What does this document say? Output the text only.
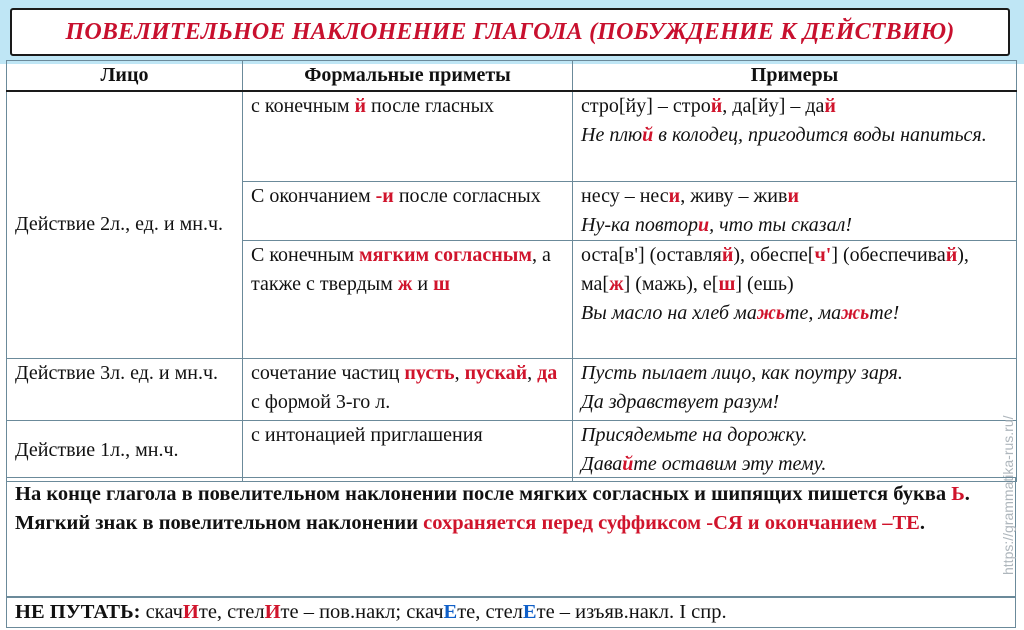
ПОВЕЛИТЕЛЬНОЕ НАКЛОНЕНИЕ ГЛАГОЛА (ПОБУЖДЕНИЕ К ДЕЙСТВИЮ)
Лицо	Формальные приметы	Примеры
Действие 2л., ед. и мн.ч.	с конечным й после гласных	стро[йу] – строй, да[йу] – дай
Не плюй в колодец, пригодится воды напиться.
	С окончанием -и после согласных	несу – неси, живу – живи
Ну-ка повтори, что ты сказал!
	С конечным мягким согласным, а также с твердым ж и ш	оста[в'] (оставляй), обеспе[ч'] (обеспечивай), ма[ж] (мажь), е[ш] (ешь)
Вы масло на хлеб мажьте, мажьте!
Действие 3л. ед. и мн.ч.	сочетание частиц пусть, пускай, да с формой 3-го л.	Пусть пылает лицо, как поутру заря.
Да здравствует разум!
Действие 1л., мн.ч.	с интонацией приглашения	Присядемьте на дорожку.
Давайте оставим эту тему.
На конце глагола в повелительном наклонении после мягких согласных и шипящих пишется буква Ь. Мягкий знак в повелительном наклонении сохраняется перед суффиксом -СЯ и окончанием –ТЕ.
НЕ ПУТАТЬ: скачИте, стелИте – пов.накл; скачЕте, стелЕте – изъяв.накл. I спр.
https://grammatika-rus.ru/
